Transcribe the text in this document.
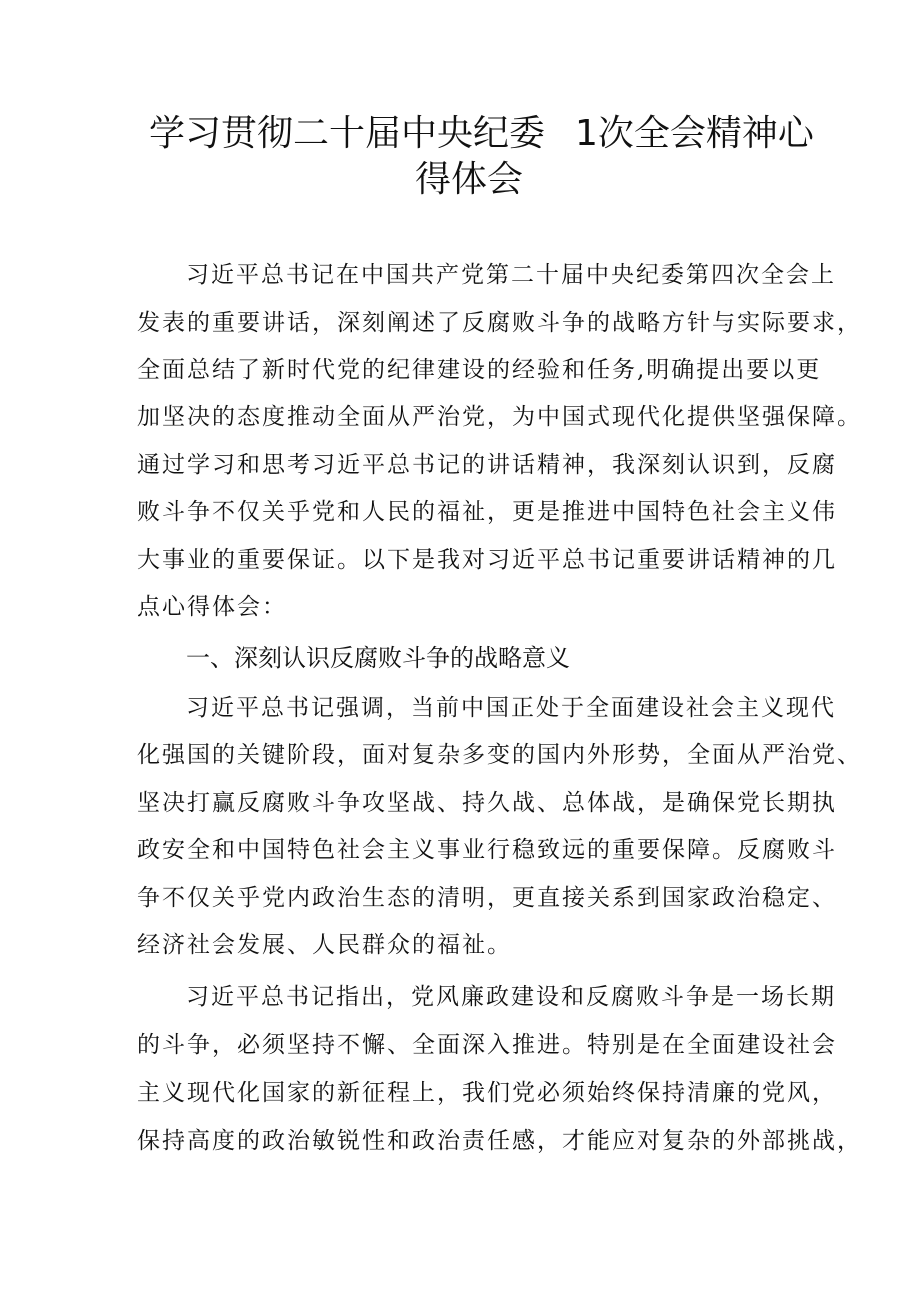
学习贯彻二十届中央纪委 1次全会精神心
得体会
习近平总书记在中国共产党第二十届中央纪委第四次全会上
发表的重要讲话，深刻阐述了反腐败斗争的战略方针与实际要求，
全面总结了新时代党的纪律建设的经验和任务,明确提出要以更
加坚决的态度推动全面从严治党，为中国式现代化提供坚强保障。
通过学习和思考习近平总书记的讲话精神，我深刻认识到，反腐
败斗争不仅关乎党和人民的福祉，更是推进中国特色社会主义伟
大事业的重要保证。以下是我对习近平总书记重要讲话精神的几
点心得体会：
一、深刻认识反腐败斗争的战略意义
习近平总书记强调，当前中国正处于全面建设社会主义现代
化强国的关键阶段，面对复杂多变的国内外形势，全面从严治党、
坚决打赢反腐败斗争攻坚战、持久战、总体战，是确保党长期执
政安全和中国特色社会主义事业行稳致远的重要保障。反腐败斗
争不仅关乎党内政治生态的清明，更直接关系到国家政治稳定、
经济社会发展、人民群众的福祉。
习近平总书记指出，党风廉政建设和反腐败斗争是一场长期
的斗争，必须坚持不懈、全面深入推进。特别是在全面建设社会
主义现代化国家的新征程上，我们党必须始终保持清廉的党风，
保持高度的政治敏锐性和政治责任感，才能应对复杂的外部挑战，
